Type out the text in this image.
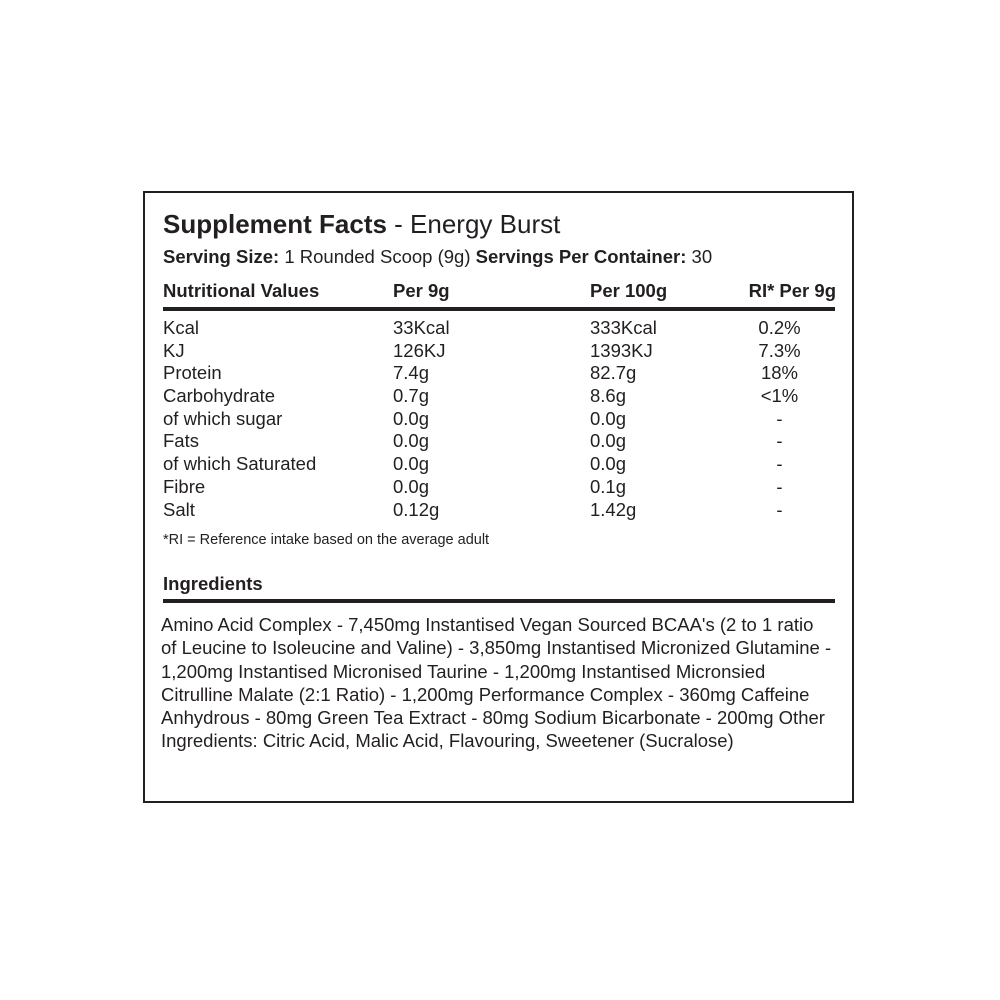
Supplement Facts - Energy Burst
Serving Size: 1 Rounded Scoop (9g) Servings Per Container: 30
Nutritional Values	Per 9g	Per 100g	RI* Per 9g
Kcal	33Kcal	333Kcal	0.2%
KJ	126KJ	1393KJ	7.3%
Protein	7.4g	82.7g	18%
Carbohydrate	0.7g	8.6g	<1%
of which sugar	0.0g	0.0g	-
Fats	0.0g	0.0g	-
of which Saturated	0.0g	0.0g	-
Fibre	0.0g	0.1g	-
Salt	0.12g	1.42g	-
*RI = Reference intake based on the average adult
Ingredients
Amino Acid Complex - 7,450mg Instantised Vegan Sourced BCAA's (2 to 1 ratio of Leucine to Isoleucine and Valine) - 3,850mg Instantised Micronized Glutamine - 1,200mg Instantised Micronised Taurine - 1,200mg Instantised Micronsied Citrulline Malate (2:1 Ratio) - 1,200mg Performance Complex - 360mg Caffeine Anhydrous - 80mg Green Tea Extract - 80mg Sodium Bicarbonate - 200mg Other Ingredients: Citric Acid, Malic Acid, Flavouring, Sweetener (Sucralose)
